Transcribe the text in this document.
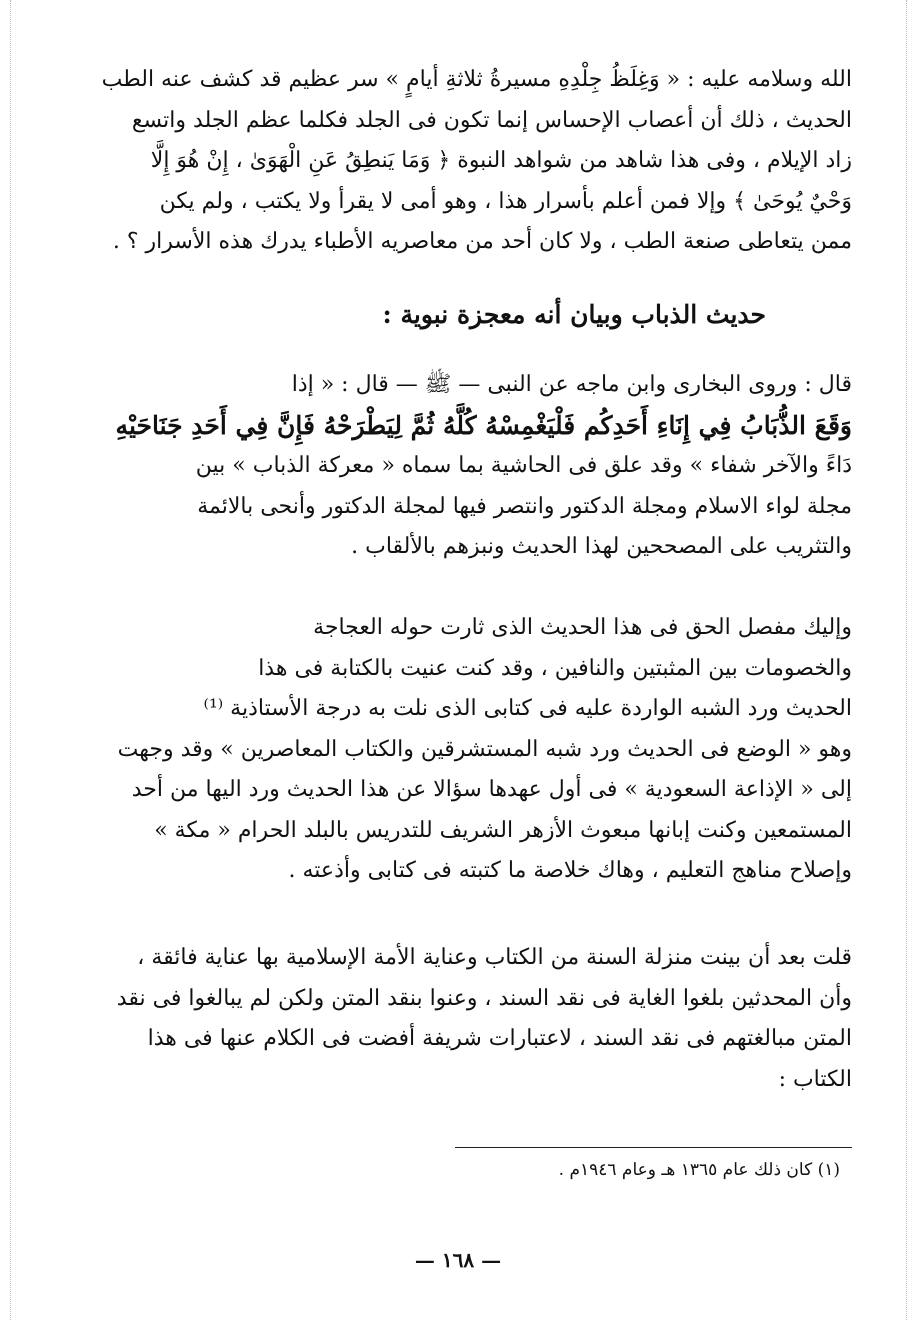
الله وسلامه عليه : « وَغِلَظُ جِلْدِهِ مسيرةُ ثلاثةِ أيامٍ » سر عظيم قد كشف عنه الطب

الحديث ، ذلك أن أعصاب الإحساس إنما تكون فى الجلد فكلما عظم الجلد واتسع

زاد الإيلام ، وفى هذا شاهد من شواهد النبوة ﴿ وَمَا يَنطِقُ عَنِ الْهَوَىٰ ، إِنْ هُوَ إِلَّا

وَحْيٌ يُوحَىٰ ﴾ وإلا فمن أعلم بأسرار هذا ، وهو أمى لا يقرأ ولا يكتب ، ولم يكن

ممن يتعاطى صنعة الطب ، ولا كان أحد من معاصريه الأطباء يدرك هذه الأسرار ؟ .

حديث الذباب وبيان أنه معجزة نبوية :

قال : وروى البخارى وابن ماجه عن النبى — ﷺ — قال : « إذا

وَقَعَ الذُّبَابُ فِي إِنَاءِ أَحَدِكُم فَلْيَغْمِسْهُ كُلَّهُ ثُمَّ لِيَطْرَحْهُ فَإِنَّ فِي أَحَدِ جَنَاحَيْهِ

دَاءً والآخر شفاء » وقد علق فى الحاشية بما سماه « معركة الذباب » بين

مجلة لواء الاسلام ومجلة الدكتور وانتصر فيها لمجلة الدكتور وأنحى بالائمة

والتثريب على المصححين لهذا الحديث ونبزهم بالألقاب .

وإليك مفصل الحق فى هذا الحديث الذى ثارت حوله العجاجة

والخصومات بين المثبتين والنافين ، وقد كنت عنيت بالكتابة فى هذا

الحديث ورد الشبه الواردة عليه فى كتابى الذى نلت به درجة الأستاذية ⁽¹⁾

وهو « الوضع فى الحديث ورد شبه المستشرقين والكتاب المعاصرين » وقد وجهت

إلى « الإذاعة السعودية » فى أول عهدها سؤالا عن هذا الحديث ورد اليها من أحد

المستمعين وكنت إبانها مبعوث الأزهر الشريف للتدريس بالبلد الحرام « مكة »

وإصلاح مناهج التعليم ، وهاك خلاصة ما كتبته فى كتابى وأذعته .

قلت بعد أن بينت منزلة السنة من الكتاب وعناية الأمة الإسلامية بها عناية فائقة ،

وأن المحدثين بلغوا الغاية فى نقد السند ، وعنوا بنقد المتن ولكن لم يبالغوا فى نقد

المتن مبالغتهم فى نقد السند ، لاعتبارات شريفة أفضت فى الكلام عنها فى هذا

الكتاب :

(١) كان ذلك عام ١٣٦٥ هـ وعام ١٩٤٦م .

— ١٦٨ —
